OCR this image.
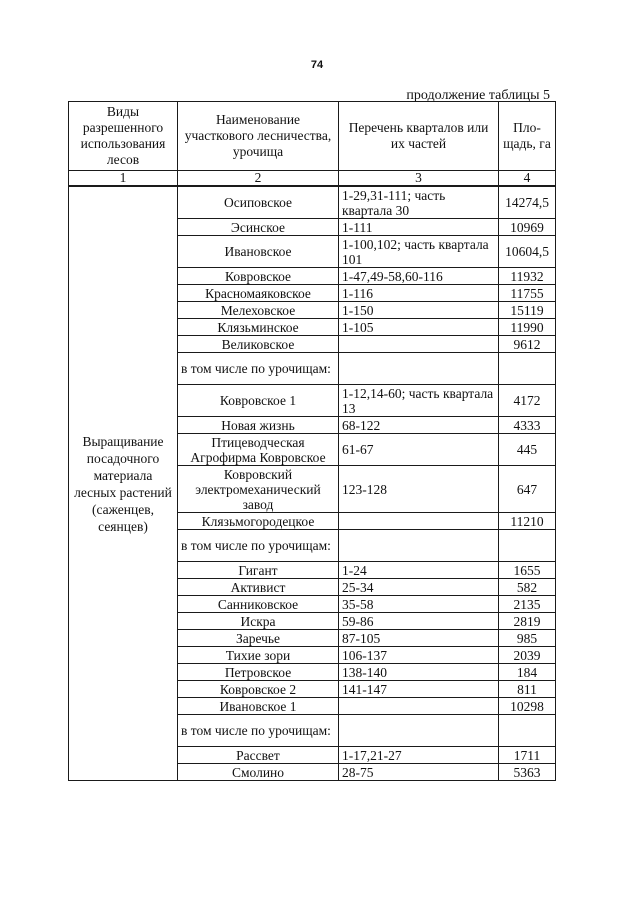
74
продолжение таблицы 5
Виды разрешенного использования лесов	Наименование участкового лесничества, урочища	Перечень кварталов или их частей	Пло-щадь, га
1	2	3	4
Выращивание посадочного материала лесных растений (саженцев, сеянцев)	Осиповское	1-29,31-111; часть квартала 30	14274,5
	Эсинское	1-111	10969
	Ивановское	1-100,102; часть квартала 101	10604,5
	Ковровское	1-47,49-58,60-116	11932
	Красномаяковское	1-116	11755
	Мелеховское	1-150	15119
	Клязьминское	1-105	11990
	Великовское		9612
	в том числе по урочищам:		
	Ковровское 1	1-12,14-60; часть квартала 13	4172
	Новая жизнь	68-122	4333
	Птицеводческая Агрофирма Ковровское	61-67	445
	Ковровский электромеханический завод	123-128	647
	Клязьмогородецкое		11210
	в том числе по урочищам:		
	Гигант	1-24	1655
	Активист	25-34	582
	Санниковское	35-58	2135
	Искра	59-86	2819
	Заречье	87-105	985
	Тихие зори	106-137	2039
	Петровское	138-140	184
	Ковровское 2	141-147	811
	Ивановское 1		10298
	в том числе по урочищам:		
	Рассвет	1-17,21-27	1711
	Смолино	28-75	5363
